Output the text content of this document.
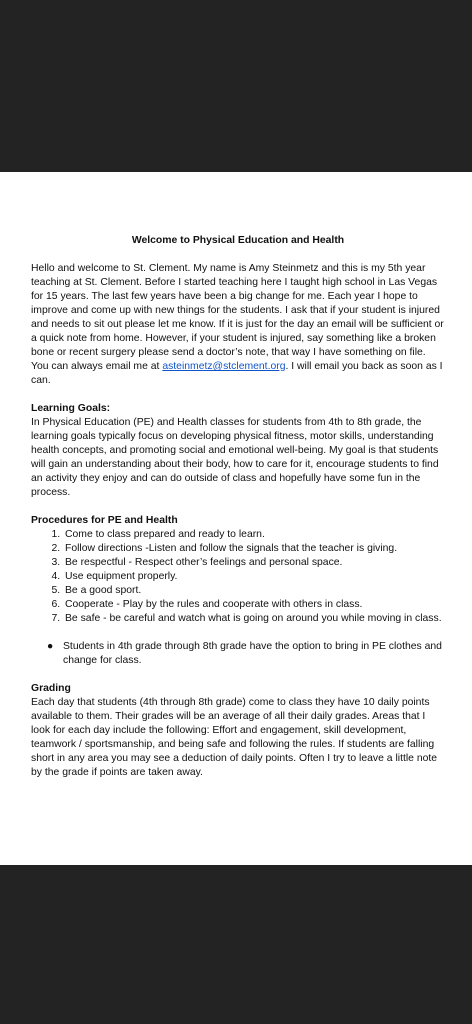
Welcome to Physical Education and Health

Hello and welcome to St. Clement. My name is Amy Steinmetz and this is my 5th year teaching at St. Clement. Before I started teaching here I taught high school in Las Vegas for 15 years. The last few years have been a big change for me. Each year I hope to improve and come up with new things for the students. I ask that if your student is injured and needs to sit out please let me know. If it is just for the day an email will be sufficient or a quick note from home. However, if your student is injured, say something like a broken bone or recent surgery please send a doctor’s note, that way I have something on file. You can always email me at asteinmetz@stclement.org. I will email you back as soon as I can.

Learning Goals:

In Physical Education (PE) and Health classes for students from 4th to 8th grade, the learning goals typically focus on developing physical fitness, motor skills, understanding health concepts, and promoting social and emotional well-being. My goal is that students will gain an understanding about their body, how to care for it, encourage students to find an activity they enjoy and can do outside of class and hopefully have some fun in the process.

Procedures for PE and Health

1. Come to class prepared and ready to learn.
2. Follow directions -Listen and follow the signals that the teacher is giving.
3. Be respectful - Respect other’s feelings and personal space.
4. Use equipment properly.
5. Be a good sport.
6. Cooperate - Play by the rules and cooperate with others in class.
7. Be safe - be careful and watch what is going on around you while moving in class.
● Students in 4th grade through 8th grade have the option to bring in PE clothes and change for class.

Grading

Each day that students (4th through 8th grade) come to class they have 10 daily points available to them. Their grades will be an average of all their daily grades. Areas that I look for each day include the following: Effort and engagement, skill development, teamwork / sportsmanship, and being safe and following the rules. If students are falling short in any area you may see a deduction of daily points. Often I try to leave a little note by the grade if points are taken away.
